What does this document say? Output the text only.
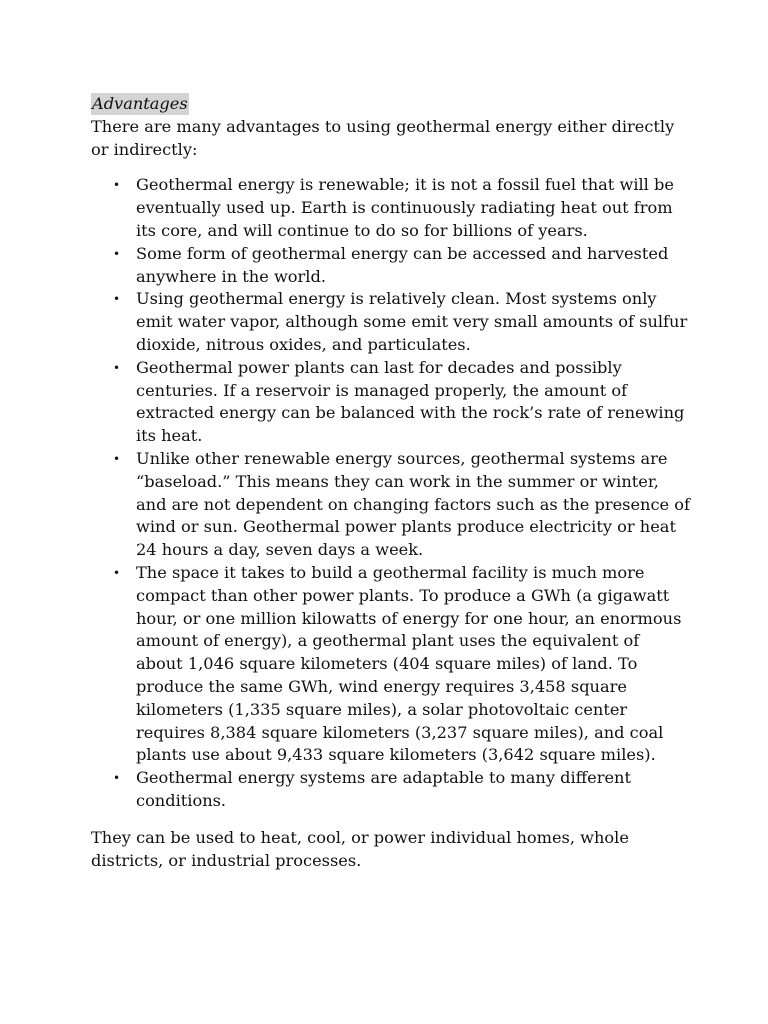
Advantages

There are many advantages to using geothermal energy either directly or indirectly:

• Geothermal energy is renewable; it is not a fossil fuel that will be eventually used up. Earth is continuously radiating heat out from its core, and will continue to do so for billions of years.
• Some form of geothermal energy can be accessed and harvested anywhere in the world.
• Using geothermal energy is relatively clean. Most systems only emit water vapor, although some emit very small amounts of sulfur dioxide, nitrous oxides, and particulates.
• Geothermal power plants can last for decades and possibly centuries. If a reservoir is managed properly, the amount of extracted energy can be balanced with the rock’s rate of renewing its heat.
• Unlike other renewable energy sources, geothermal systems are “baseload.” This means they can work in the summer or winter, and are not dependent on changing factors such as the presence of wind or sun. Geothermal power plants produce electricity or heat 24 hours a day, seven days a week.
• The space it takes to build a geothermal facility is much more compact than other power plants. To produce a GWh (a gigawatt hour, or one million kilowatts of energy for one hour, an enormous amount of energy), a geothermal plant uses the equivalent of about 1,046 square kilometers (404 square miles) of land. To produce the same GWh, wind energy requires 3,458 square kilometers (1,335 square miles), a solar photovoltaic center requires 8,384 square kilometers (3,237 square miles), and coal plants use about 9,433 square kilometers (3,642 square miles).
• Geothermal energy systems are adaptable to many different conditions.

They can be used to heat, cool, or power individual homes, whole districts, or industrial processes.
